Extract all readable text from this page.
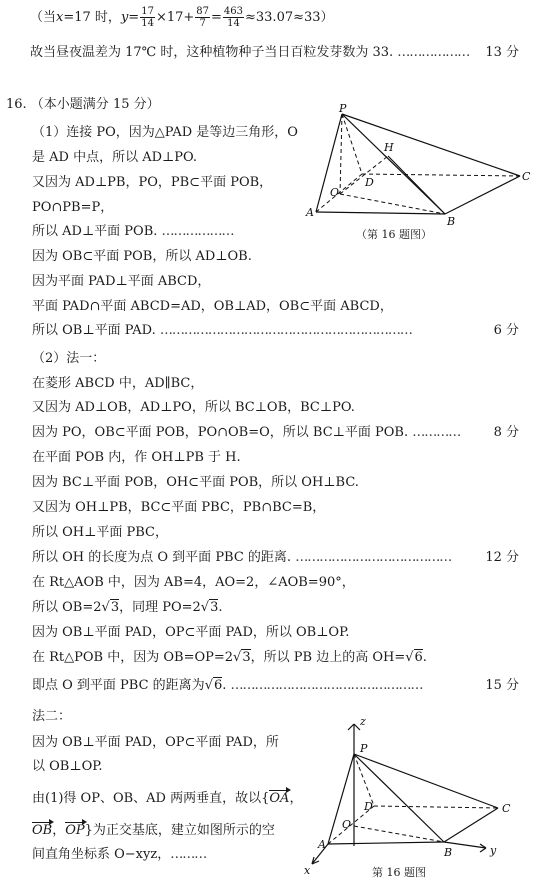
（当x=17 时，$y= \frac{17}{14} \times 17+ \frac{87}{7} = \frac{463}{14} \approx 33.07\approx 33$）
故当昼夜温差为 17℃ 时，这种植物种子当日百粒发芽数为 33. ……………… 13 分
16. （本小题满分 15 分）
（1）连接 PO，因为△PAD 是等边三角形，O
是 AD 中点，所以 AD⊥PO.
又因为 AD⊥PB，PO，PB⊂平面 POB，
PO∩PB=P，
所以 AD⊥平面 POB. ………………
因为 OB⊂平面 POB，所以 AD⊥OB.
因为平面 PAD⊥平面 ABCD，
平面 PAD∩平面 ABCD=AD，OB⊥AD，OB⊂平面 ABCD，
所以 OB⊥平面 PAD. ………………………………………………………	6 分
（2）法一：
在菱形 ABCD 中，AD∥BC，
又因为 AD⊥OB，AD⊥PO，所以 BC⊥OB，BC⊥PO.
因为 PO，OB⊂平面 POB，PO∩OB=O，所以 BC⊥平面 POB. …………	8 分
在平面 POB 内，作 OH⊥PB 于 H.
因为 BC⊥平面 POB，OH⊂平面 POB，所以 OH⊥BC.
又因为 OH⊥PB，BC⊂平面 PBC，PB∩BC=B，
所以 OH⊥平面 PBC，
所以 OH 的长度为点 O 到平面 PBC 的距离. …………………………………	12 分
在 Rt△AOB 中，因为 AB=4，AO=2，∠AOB=90°，
所以 OB=2√3，同理 PO=2√3.
因为 OB⊥平面 PAD，OP⊂平面 PAD，所以 OB⊥OP.
在 Rt△POB 中，因为 OB=OP=2√3，所以 PB 边上的高 OH=√6.
即点 O 到平面 PBC 的距离为√6. …………………………………………	15 分
法二：
因为 OB⊥平面 PAD，OP⊂平面 PAD，所
以 OB⊥OP.
由(1)得 OP、OB、AD 两两垂直，故以{OA，
OB，OP}为正交基底，建立如图所示的空
间直角坐标系 O−xyz，………
P
H
D	C
O
A
B
（第 16 题图）
z
P
D	C
O
A
B
x
y
第 16 题图
